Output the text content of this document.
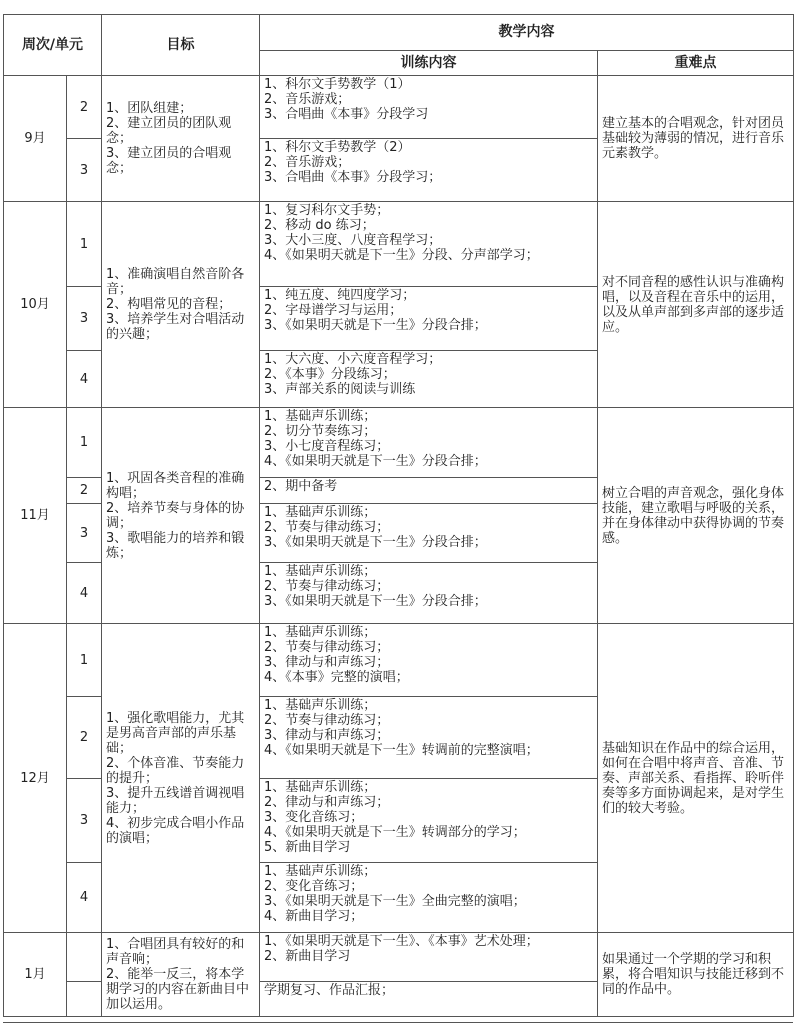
周次/单元		目标	教学内容	
			训练内容	重难点
9月	2	1、团队组建；
2、建立团员的团队观念；
3、建立团员的合唱观念；	1、科尔文手势教学（1）
2、音乐游戏；
3、合唱曲《本事》分段学习	建立基本的合唱观念，针对团员基础较为薄弱的情况，进行音乐元素教学。
	3		1、科尔文手势教学（2）
2、音乐游戏；
3、合唱曲《本事》分段学习；	

10月	1	1、准确演唱自然音阶各音；
2、构唱常见的音程；
3、培养学生对合唱活动的兴趣；	1、复习科尔文手势；
2、移动 do 练习；
3、大小三度、八度音程学习；
4、《如果明天就是下一生》分段、分声部学习；	对不同音程的感性认识与准确构唱，以及音程在音乐中的运用，以及从单声部到多声部的逐步适应。
	3		1、纯五度、纯四度学习；
2、字母谱学习与运用；
3、《如果明天就是下一生》分段合排；	

	4		1、大六度、小六度音程学习；
2、《本事》分段练习；
3、声部关系的阅读与训练	

11月	1	1、巩固各类音程的准确构唱；
2、培养节奏与身体的协调；
3、歌唱能力的培养和锻炼；	1、基础声乐训练；
2、切分节奏练习；
3、小七度音程练习；
4、《如果明天就是下一生》分段合排；	树立合唱的声音观念，强化身体技能，建立歌唱与呼吸的关系，并在身体律动中获得协调的节奏感。
	2		2、期中备考	

	3		1、基础声乐训练；
2、节奏与律动练习；
3、《如果明天就是下一生》分段合排；	

	4		1、基础声乐训练；
2、节奏与律动练习；
3、《如果明天就是下一生》分段合排；	

12月	1	1、强化歌唱能力，尤其是男高音声部的声乐基础；
2、个体音准、节奏能力的提升；
3、提升五线谱首调视唱能力；
4、初步完成合唱小作品的演唱；	1、基础声乐训练；
2、节奏与律动练习；
3、律动与和声练习；
4、《本事》完整的演唱；	基础知识在作品中的综合运用，如何在合唱中将声音、音准、节奏、声部关系、看指挥、聆听伴奏等多方面协调起来，是对学生们的较大考验。
	2		1、基础声乐训练；
2、节奏与律动练习；
3、律动与和声练习；
4、《如果明天就是下一生》转调前的完整演唱；	

	3		1、基础声乐训练；
2、律动与和声练习；
3、变化音练习；
4、《如果明天就是下一生》转调部分的学习；
5、新曲目学习	

	4		1、基础声乐训练；
2、变化音练习；
3、《如果明天就是下一生》全曲完整的演唱；
4、新曲目学习；	

1月		1、合唱团具有较好的和声音响；
2、能举一反三，将本学期学习的内容在新曲目中加以运用。	1、《如果明天就是下一生》、《本事》艺术处理；
2、新曲目学习	如果通过一个学期的学习和积累，将合唱知识与技能迁移到不同的作品中。

			学期复习、作品汇报；	
